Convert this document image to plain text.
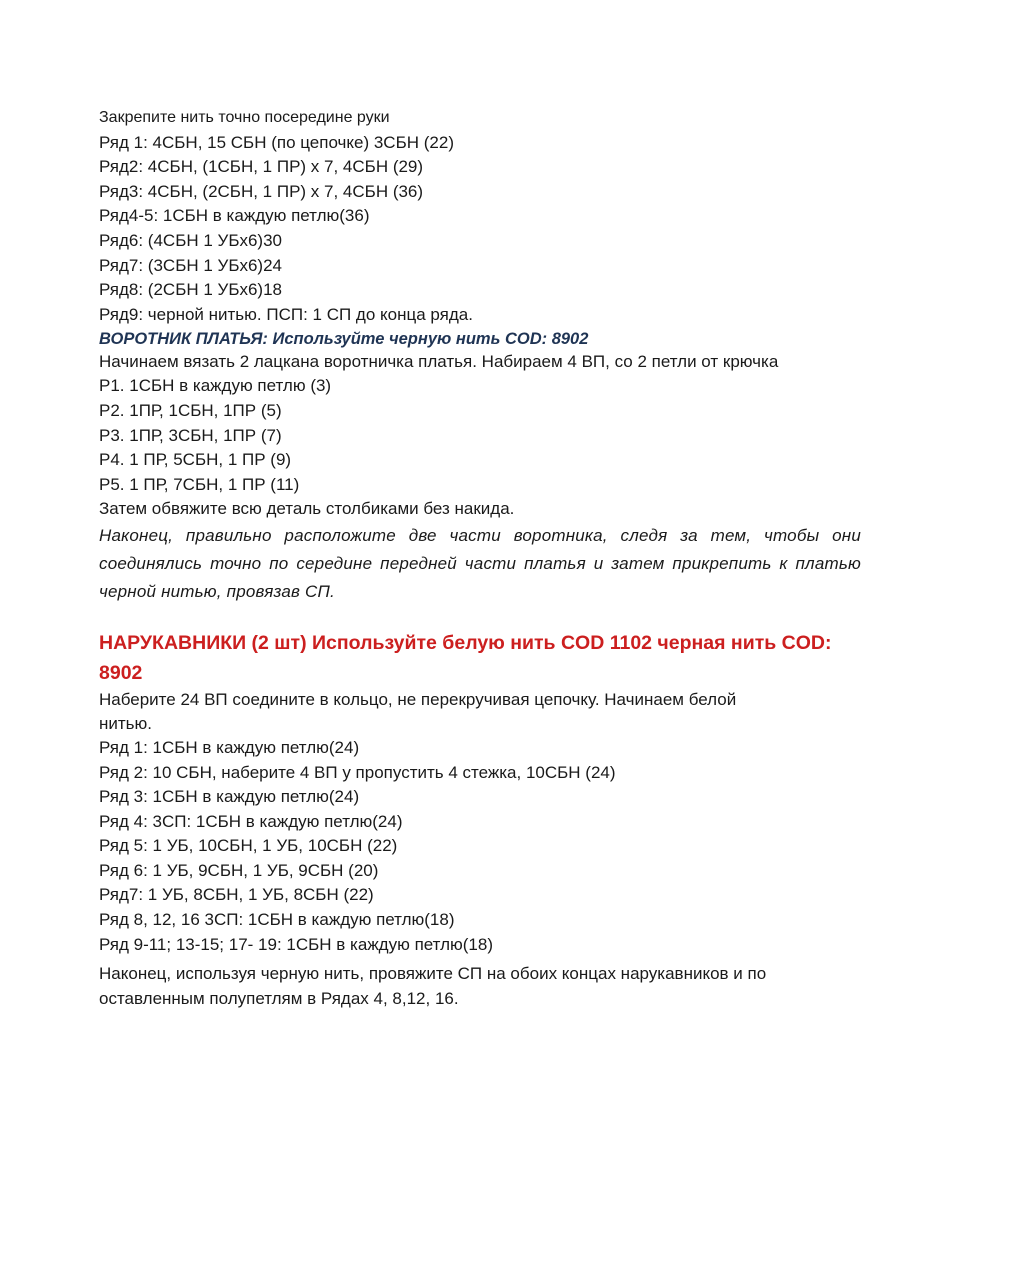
Закрепите нить точно посередине руки
Ряд 1: 4СБН, 15 СБН (по цепочке) 3СБН (22)
Ряд2: 4СБН, (1СБН, 1 ПР) х 7, 4СБН (29)
Ряд3: 4СБН, (2СБН, 1 ПР) х 7, 4СБН (36)
Ряд4-5: 1СБН в каждую петлю(36)
Ряд6: (4СБН 1 УБх6)30
Ряд7: (3СБН 1 УБх6)24
Ряд8: (2СБН 1 УБх6)18
Ряд9: черной нитью. ПСП: 1 СП до конца ряда.
ВОРОТНИК ПЛАТЬЯ: Используйте черную нить COD: 8902
Начинаем вязать 2 лацкана воротничка платья. Набираем 4 ВП, со 2 петли от крючка
Р1. 1СБН в каждую петлю (3)
Р2. 1ПР, 1СБН, 1ПР (5)
Р3. 1ПР, 3СБН, 1ПР (7)
Р4. 1 ПР, 5СБН, 1 ПР (9)
Р5. 1 ПР, 7СБН, 1 ПР (11)
Затем обвяжите всю деталь столбиками без накида.
Наконец, правильно расположите две части воротника, следя за тем, чтобы они соединялись точно по середине передней части платья и затем прикрепить к платью черной нитью, провязав СП.
НАРУКАВНИКИ (2 шт) Используйте белую нить COD 1102 черная нить COD: 8902
Наберите 24 ВП соедините в кольцо, не перекручивая цепочку. Начинаем белой нитью.
Ряд 1: 1СБН в каждую петлю(24)
Ряд 2: 10 СБН, наберите 4 ВП у пропустить 4 стежка, 10СБН (24)
Ряд 3: 1СБН в каждую петлю(24)
Ряд 4: 3СП: 1СБН в каждую петлю(24)
Ряд 5: 1 УБ, 10СБН, 1 УБ, 10СБН (22)
Ряд 6: 1 УБ, 9СБН, 1 УБ, 9СБН (20)
Ряд7: 1 УБ, 8СБН, 1 УБ, 8СБН (22)
Ряд 8, 12, 16 3СП: 1СБН в каждую петлю(18)
Ряд 9-11; 13-15; 17- 19: 1СБН в каждую петлю(18)
Наконец, используя черную нить, провяжите СП на обоих концах нарукавников и по оставленным полупетлям в Рядах 4, 8,12, 16.
